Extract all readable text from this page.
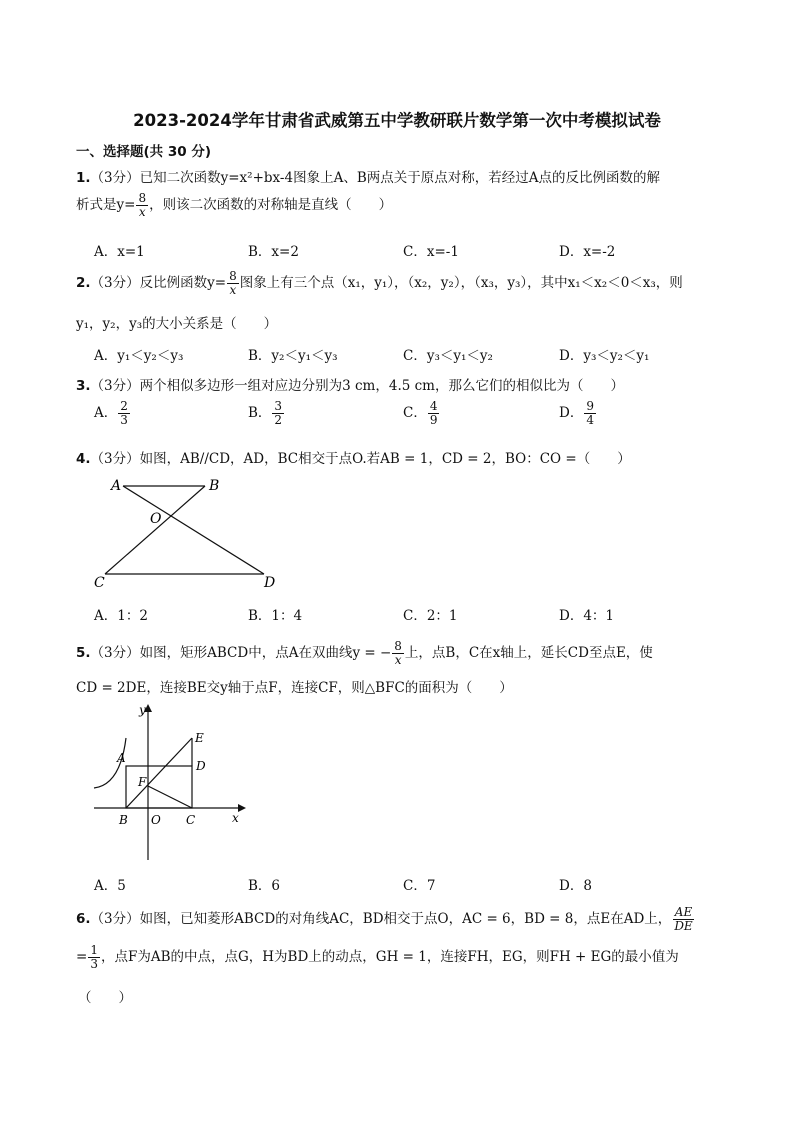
2023-2024学年甘肃省武威第五中学教研联片数学第一次中考模拟试卷
一、选择题(共 30 分)
1.（3分）已知二次函数y=x²+bx-4图象上A、B两点关于原点对称，若经过A点的反比例函数的解
析式是$y= \frac{8}{x}$ ，则该二次函数的对称轴是直线（　　）
A．x=1	B．x=2	C．x=-1	D．x=-2
2.（3分）反比例函数$y= \frac{8}{x}$ 图象上有三个点（x₁，y₁），（x₂，y₂），（x₃，y₃），其中x₁＜x₂＜0＜x₃，则
y₁，y₂，y₃的大小关系是（　　）
A．y₁＜y₂＜y₃	B．y₂＜y₁＜y₃	C．y₃＜y₁＜y₂	D．y₃＜y₂＜y₁
3.（3分）两个相似多边形一组对应边分别为3 cm，4.5 cm，那么它们的相似比为（　　）
A． $\frac{2}{3}$	B． $\frac{3}{2}$	C． $\frac{4}{9}$	D． $\frac{9}{4}$
4.（3分）如图，AB//CD，AD，BC相交于点O.若AB = 1，CD = 2，BO：CO =（　　）
A	B
O
C	D
A．1：2	B．1：4	C．2：1	D．4：1
5.（3分）如图，矩形ABCD中，点A在双曲线y = − $\frac{8}{x}$ 上，点B，C在x轴上，延长CD至点E，使
CD = 2DE，连接BE交y轴于点F，连接CF，则△BFC的面积为（　　）
y
x
A
B	C
D
E
F
O
A．5	B．6	C．7	D．8
6.（3分）如图，已知菱形ABCD的对角线AC，BD相交于点O，AC = 6，BD = 8，点E在AD上， $\frac{AE}{DE}$
= $\frac{1}{3}$ ，点F为AB的中点，点G，H为BD上的动点，GH = 1，连接FH，EG，则FH + EG的最小值为
（　　）
